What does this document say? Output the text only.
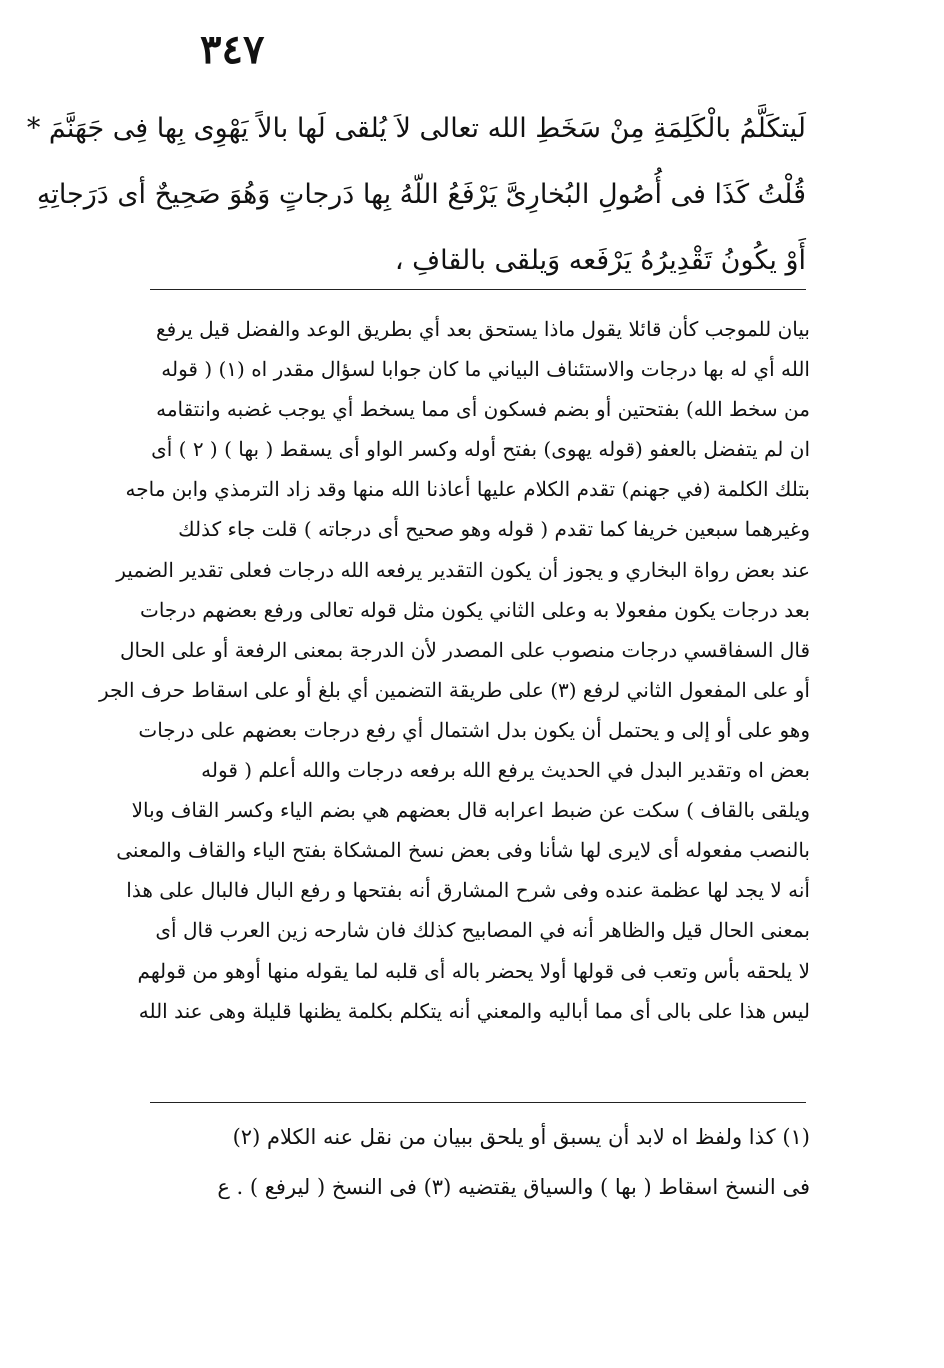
٣٤٧
لَيتكَلَّمُ بالْكَلِمَةِ مِنْ سَخَطِ الله تعالى لاَ يُلقى لَها بالاً يَهْوِى بِها فِى جَهَنَّمَ *
قُلْتُ كَذَا فى أُصُولِ البُخارِىَّ يَرْفَعُ اللّهُ بِها دَرجاتٍ وَهُوَ صَحِيحٌ أى دَرَجاتِهِ
أَوْ يكُونُ تَقْدِيرُهُ يَرْفَعه وَيلقى بالقافِ ،
بيان للموجب كأن قائلا يقول ماذا يستحق بعد أي بطريق الوعد والفضل قيل يرفع
الله أي له بها درجات والاستئناف البياني ما كان جوابا لسؤال مقدر اه (١) ( قوله
من سخط الله) بفتحتين أو بضم فسكون أى مما يسخط أي يوجب غضبه وانتقامه
ان لم يتفضل بالعفو (قوله يهوى) بفتح أوله وكسر الواو أى يسقط ( بها ) ( ٢ ) أى
بتلك الكلمة (في جهنم) تقدم الكلام عليها أعاذنا الله منها وقد زاد الترمذي وابن ماجه
وغيرهما سبعين خريفا كما تقدم ( قوله وهو صحيح أى درجاته ) قلت جاء كذلك
عند بعض رواة البخاري و يجوز أن يكون التقدير يرفعه الله درجات فعلى تقدير الضمير
بعد درجات يكون مفعولا به وعلى الثاني يكون مثل قوله تعالى ورفع بعضهم درجات
قال السفاقسي درجات منصوب على المصدر لأن الدرجة بمعنى الرفعة أو على الحال
أو على المفعول الثاني لرفع (٣) على طريقة التضمين أي بلغ أو على اسقاط حرف الجر
وهو على أو إلى و يحتمل أن يكون بدل اشتمال أي رفع درجات بعضهم على درجات
بعض اه وتقدير البدل في الحديث يرفع الله برفعه درجات والله أعلم ( قوله
ويلقى بالقاف ) سكت عن ضبط اعرابه قال بعضهم هي بضم الياء وكسر القاف وبالا
بالنصب مفعوله أى لايرى لها شأنا وفى بعض نسخ المشكاة بفتح الياء والقاف والمعنى
أنه لا يجد لها عظمة عنده وفى شرح المشارق أنه بفتحها و رفع البال فالبال على هذا
بمعنى الحال قيل والظاهر أنه في المصابيح كذلك فان شارحه زين العرب قال أى
لا يلحقه بأس وتعب فى قولها أولا يحضر باله أى قلبه لما يقوله منها أوهو من قولهم
ليس هذا على بالى أى مما أباليه والمعني أنه يتكلم بكلمة يظنها قليلة وهى عند الله
(١) كذا ولفظ اه لابد أن يسبق أو يلحق ببيان من نقل عنه الكلام (٢)
فى النسخ اسقاط ( بها ) والسياق يقتضيه (٣) فى النسخ ( ليرفع ) . ع
